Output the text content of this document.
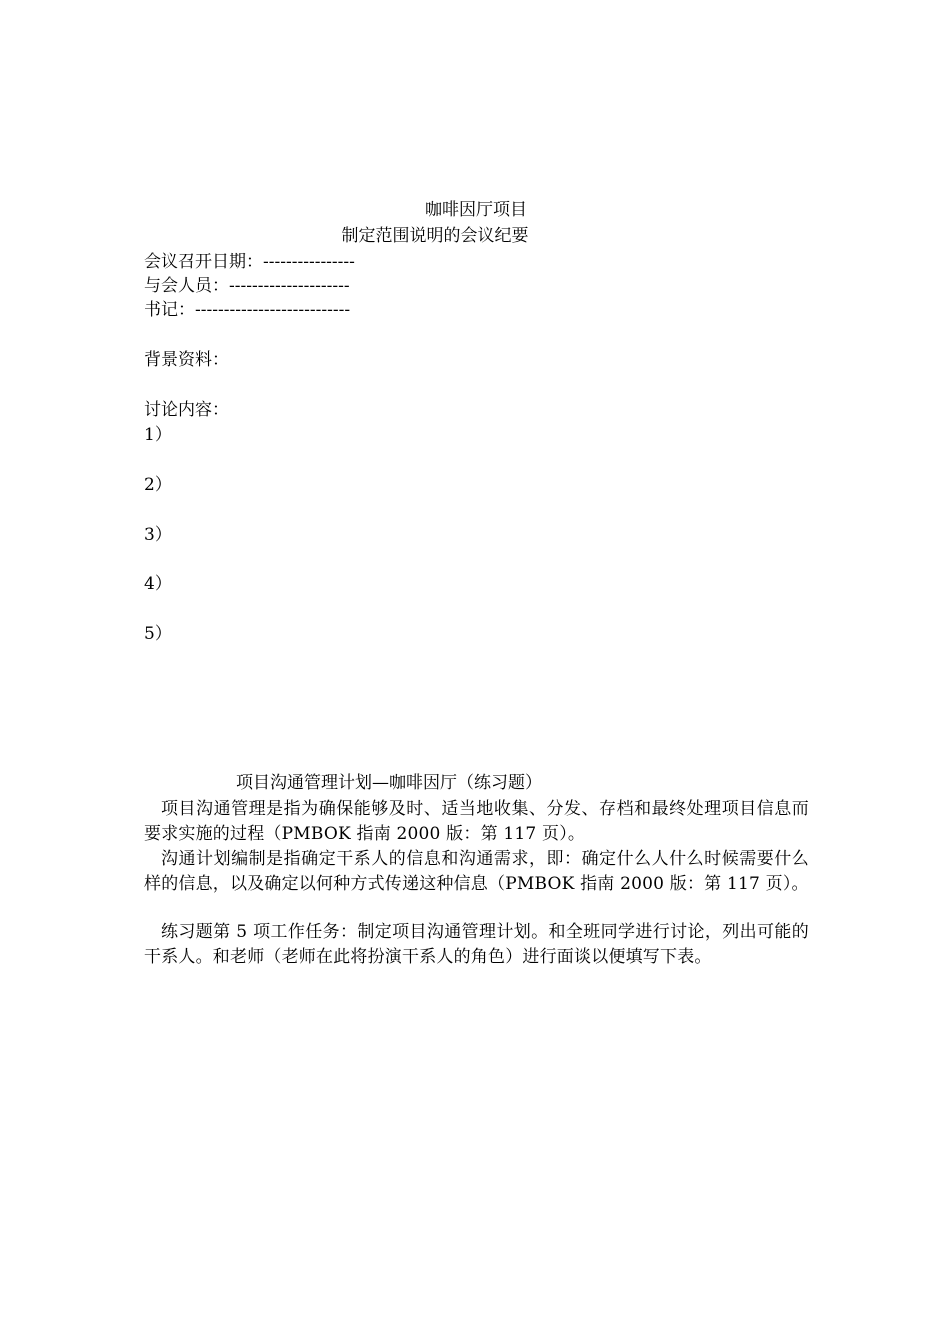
咖啡因厅项目
制定范围说明的会议纪要
会议召开日期：----------------
与会人员：---------------------
书记：---------------------------
背景资料：
讨论内容：
1）
2）
3）
4）
5）
项目沟通管理计划—咖啡因厅（练习题）
项目沟通管理是指为确保能够及时、适当地收集、分发、存档和最终处理项目信息而要求实施的过程（PMBOK 指南 2000 版：第 117 页）。
沟通计划编制是指确定干系人的信息和沟通需求，即：确定什么人什么时候需要什么样的信息，以及确定以何种方式传递这种信息（PMBOK 指南 2000 版：第 117 页）。
练习题第 5 项工作任务：制定项目沟通管理计划。和全班同学进行讨论，列出可能的干系人。和老师（老师在此将扮演干系人的角色）进行面谈以便填写下表。
